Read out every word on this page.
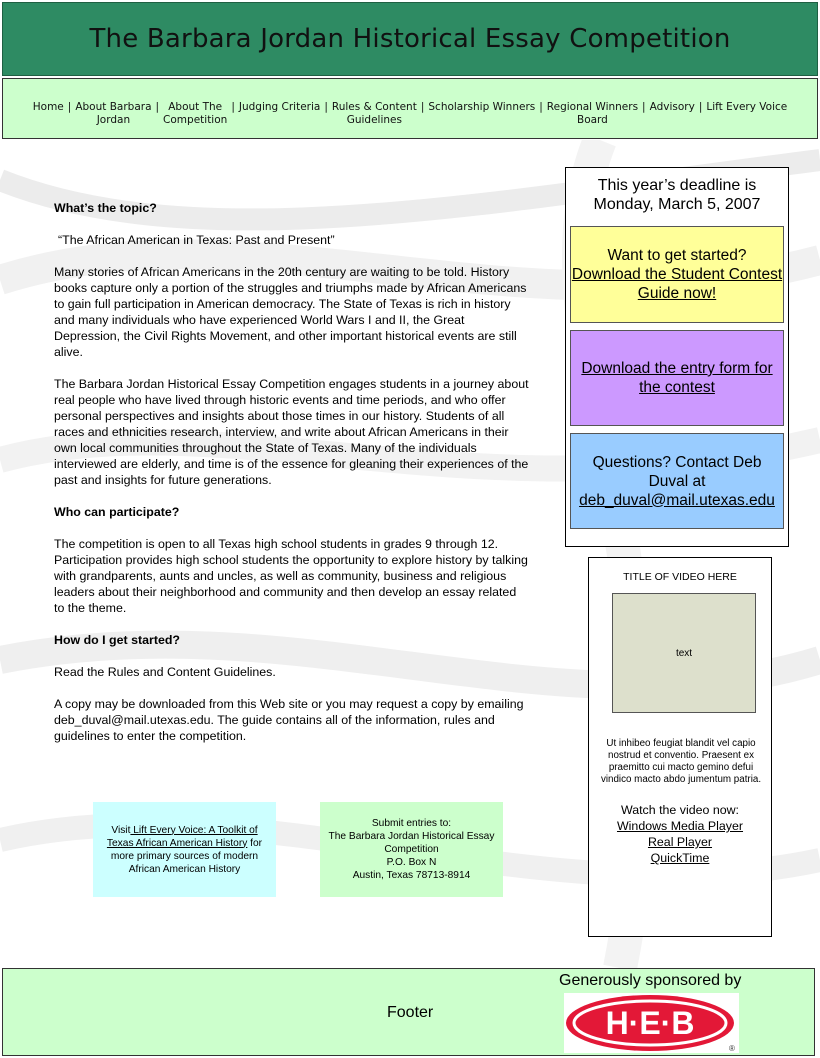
The Barbara Jordan Historical Essay Competition
Home | About Barbara
Jordan
| About The
Competition
| Judging Criteria | Rules & Content
Guidelines
| Scholarship Winners | Regional Winners
Board
| Advisory | Lift Every Voice
What’s the topic?

“The African American in Texas: Past and Present”

Many stories of African Americans in the 20th century are waiting to be told. History books capture only a portion of the struggles and triumphs made by African Americans to gain full participation in American democracy. The State of Texas is rich in history and many individuals who have experienced World Wars I and II, the Great Depression, the Civil Rights Movement, and other important historical events are still alive.

The Barbara Jordan Historical Essay Competition engages students in a journey about real people who have lived through historic events and time periods, and who offer personal perspectives and insights about those times in our history. Students of all races and ethnicities research, interview, and write about African Americans in their own local communities throughout the State of Texas. Many of the individuals interviewed are elderly, and time is of the essence for gleaning their experiences of the past and insights for future generations.

Who can participate?

The competition is open to all Texas high school students in grades 9 through 12. Participation provides high school students the opportunity to explore history by talking with grandparents, aunts and uncles, as well as community, business and religious leaders about their neighborhood and community and then develop an essay related to the theme.

How do I get started?

Read the Rules and Content Guidelines.

A copy may be downloaded from this Web site or you may request a copy by emailing deb_duval@mail.utexas.edu. The guide contains all of the information, rules and guidelines to enter the competition.

This year’s deadline is
Monday, March 5, 2007
Want to get started?
Download the Student Contest Guide now!
Download the entry form for the contest
Questions? Contact Deb Duval at
deb_duval@mail.utexas.edu
TITLE OF VIDEO HERE
text
Ut inhibeo feugiat blandit vel capio nostrud et conventio. Praesent ex praemitto cui macto gemino defui vindico macto abdo jumentum patria.
Watch the video now:
Windows Media Player
Real Player
QuickTime
Visit Lift Every Voice: A Toolkit of Texas African American History for more primary sources of modern African American History
Submit entries to:
The Barbara Jordan Historical Essay Competition
P.O. Box N
Austin, Texas 78713-8914
Footer
Generously sponsored by
H·E·B
®
